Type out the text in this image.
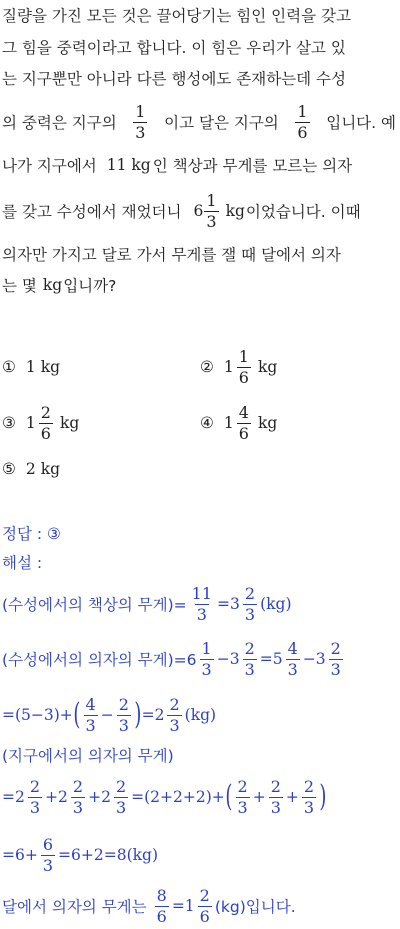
질량을 가진 모든 것은 끌어당기는 힘인 인력을 갖고
그 힘을 중력이라고 합니다. 이 힘은 우리가 살고 있
는 지구뿐만 아니라 다른 행성에도 존재하는데 수성
의 중력은 지구의 $\frac{1}{3}$ 이고 달은 지구의 $\frac{1}{6}$ 입니다. 예
나가 지구에서 11 kg 인 책상과 무게를 모르는 의자
를 갖고 수성에서 재었더니 $6 \frac{1}{3}$ kg 이었습니다. 이때
의자만 가지고 달로 가서 무게를 잴 때 달에서 의자
는 몇 kg 입니까?
① 1 kg	② $1 \frac{1}{6}$ kg
③ $1 \frac{2}{6}$ kg	④ $1 \frac{4}{6}$ kg
⑤ 2 kg
정답 : ③
해설 :
(수성에서의 책상의 무게)= $\frac{11}{3} =3 \frac{2}{3} (kg)$
(수성에서의 의자의 무게)$=6 \frac{1}{3} -3 \frac{2}{3} =5 \frac{4}{3} -3 \frac{2}{3}$
=(5−3)+ ( $\frac{4}{3} - \frac{2}{3}$ ) $=2 \frac{2}{3} (kg)$
(지구에서의 의자의 무게)
$=2 \frac{2}{3} +2 \frac{2}{3} +2 \frac{2}{3} =(2+2+2)+$ ( $\frac{2}{3} + \frac{2}{3} + \frac{2}{3}$ )
$=6+ \frac{6}{3} =6+2=8(kg)$
달에서 의자의 무게는 $\frac{8}{6} =1 \frac{2}{6} (kg)$입니다.
